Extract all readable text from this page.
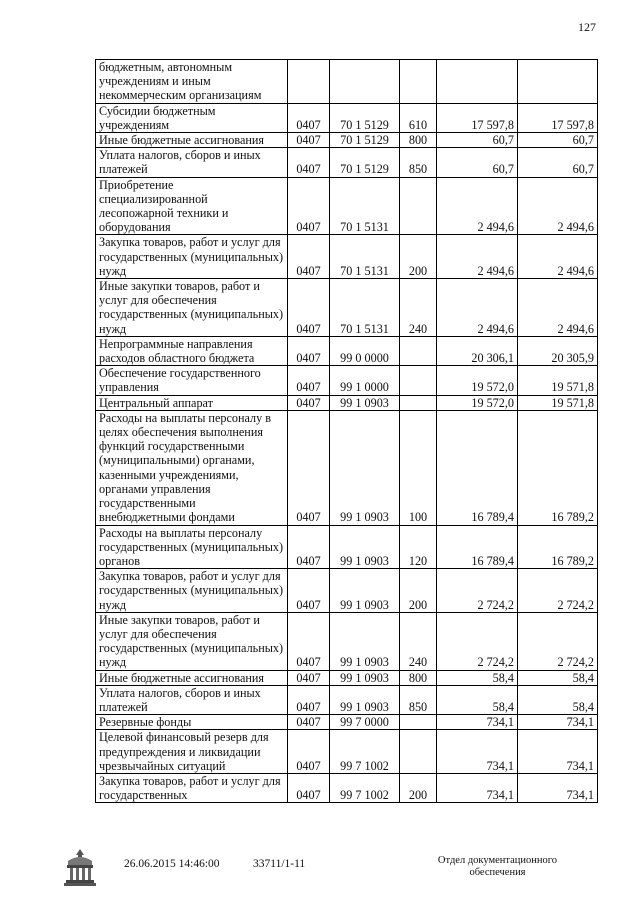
127
бюджетным, автономным учреждениям и иным некоммерческим организациям					
Субсидии бюджетным учреждениям	0407	70 1 5129	610	17 597,8	17 597,8
Иные бюджетные ассигнования	0407	70 1 5129	800	60,7	60,7
Уплата налогов, сборов и иных платежей	0407	70 1 5129	850	60,7	60,7
Приобретение специализированной лесопожарной техники и оборудования	0407	70 1 5131		2 494,6	2 494,6
Закупка товаров, работ и услуг для государственных (муниципальных) нужд	0407	70 1 5131	200	2 494,6	2 494,6
Иные закупки товаров, работ и услуг для обеспечения государственных (муниципальных) нужд	0407	70 1 5131	240	2 494,6	2 494,6
Непрограммные направления расходов областного бюджета	0407	99 0 0000		20 306,1	20 305,9
Обеспечение государственного управления	0407	99 1 0000		19 572,0	19 571,8
Центральный аппарат	0407	99 1 0903		19 572,0	19 571,8
Расходы на выплаты персоналу в целях обеспечения выполнения функций государственными (муниципальными) органами, казенными учреждениями, органами управления государственными внебюджетными фондами	0407	99 1 0903	100	16 789,4	16 789,2
Расходы на выплаты персоналу государственных (муниципальных) органов	0407	99 1 0903	120	16 789,4	16 789,2
Закупка товаров, работ и услуг для государственных (муниципальных) нужд	0407	99 1 0903	200	2 724,2	2 724,2
Иные закупки товаров, работ и услуг для обеспечения государственных (муниципальных) нужд	0407	99 1 0903	240	2 724,2	2 724,2
Иные бюджетные ассигнования	0407	99 1 0903	800	58,4	58,4
Уплата налогов, сборов и иных платежей	0407	99 1 0903	850	58,4	58,4
Резервные фонды	0407	99 7 0000		734,1	734,1
Целевой финансовый резерв для предупреждения и ликвидации чрезвычайных ситуаций	0407	99 7 1002		734,1	734,1
Закупка товаров, работ и услуг для государственных	0407	99 7 1002	200	734,1	734,1
26.06.2015 14:46:00	33711/1-11	Отдел документационного
обеспечения
